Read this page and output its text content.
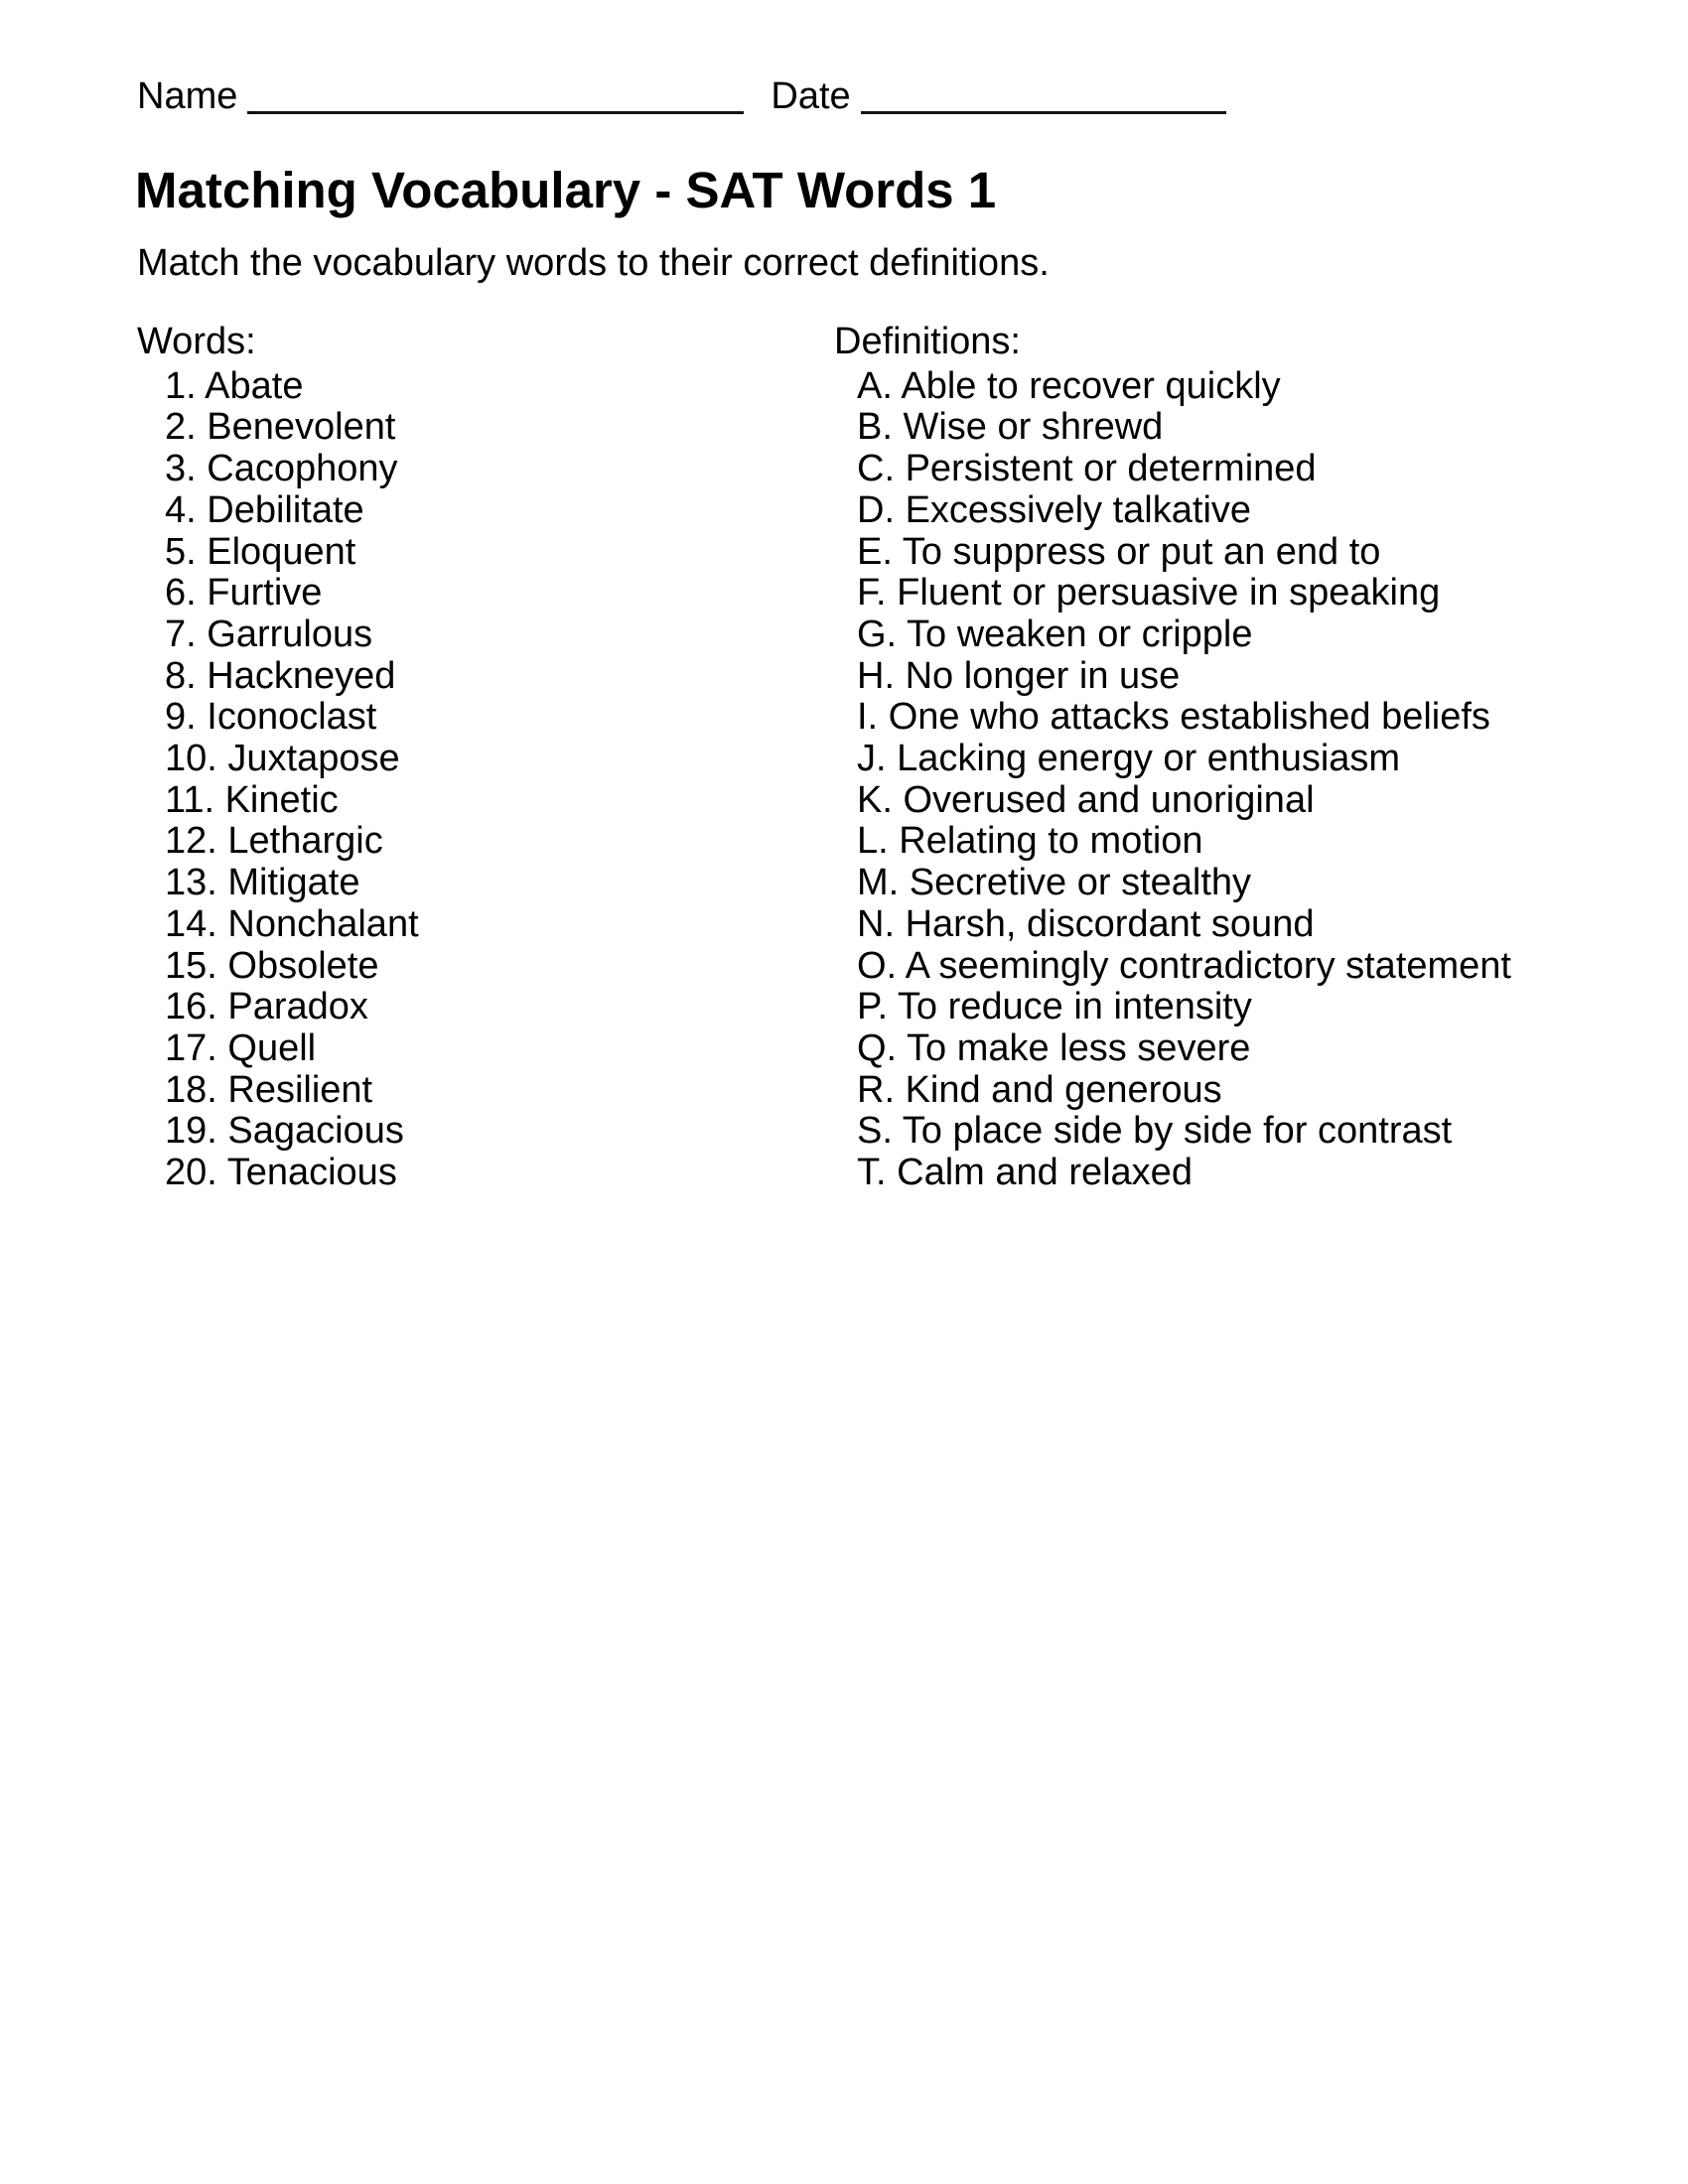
Name	Date
Matching Vocabulary - SAT Words 1

Match the vocabulary words to their correct definitions.

Words:
1. Abate
2. Benevolent
3. Cacophony
4. Debilitate
5. Eloquent
6. Furtive
7. Garrulous
8. Hackneyed
9. Iconoclast
10. Juxtapose
11. Kinetic
12. Lethargic
13. Mitigate
14. Nonchalant
15. Obsolete
16. Paradox
17. Quell
18. Resilient
19. Sagacious
20. Tenacious
Definitions:
A. Able to recover quickly
B. Wise or shrewd
C. Persistent or determined
D. Excessively talkative
E. To suppress or put an end to
F. Fluent or persuasive in speaking
G. To weaken or cripple
H. No longer in use
I. One who attacks established beliefs
J. Lacking energy or enthusiasm
K. Overused and unoriginal
L. Relating to motion
M. Secretive or stealthy
N. Harsh, discordant sound
O. A seemingly contradictory statement
P. To reduce in intensity
Q. To make less severe
R. Kind and generous
S. To place side by side for contrast
T. Calm and relaxed
